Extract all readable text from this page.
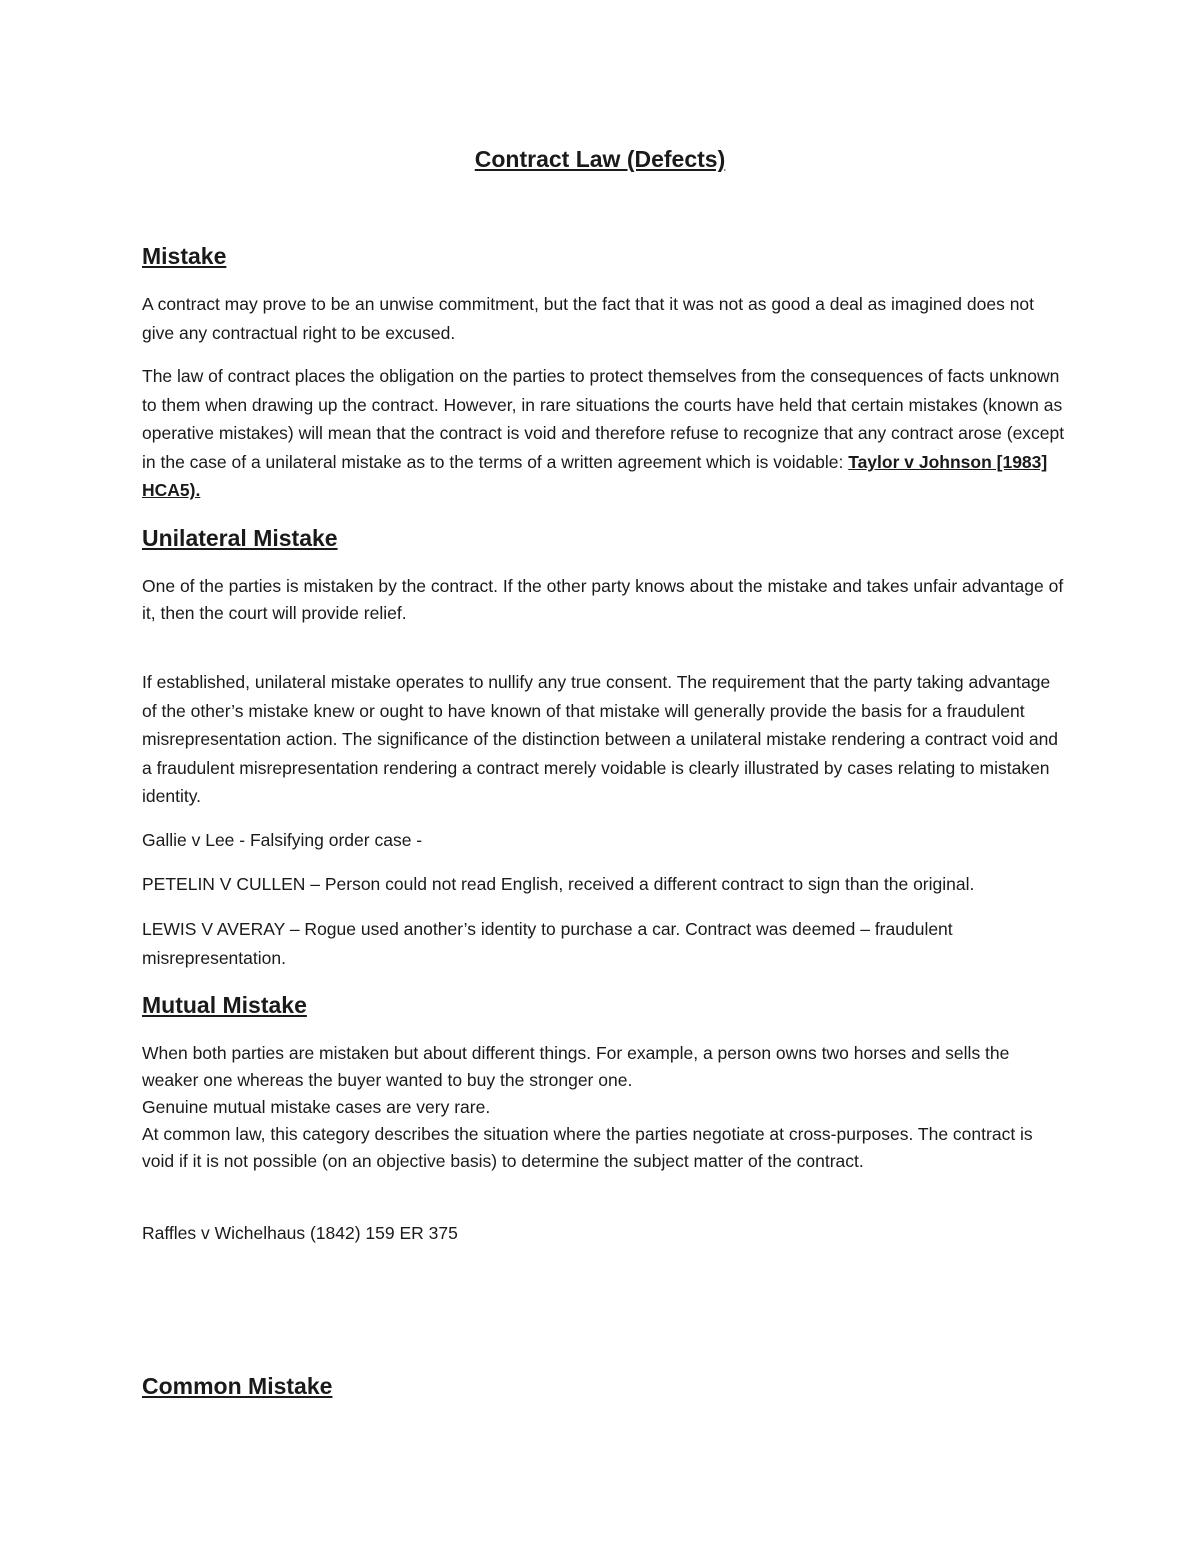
Contract Law (Defects)
Mistake

A contract may prove to be an unwise commitment, but the fact that it was not as good a deal as imagined does not give any contractual right to be excused.

The law of contract places the obligation on the parties to protect themselves from the consequences of facts unknown to them when drawing up the contract. However, in rare situations the courts have held that certain mistakes (known as operative mistakes) will mean that the contract is void and therefore refuse to recognize that any contract arose (except in the case of a unilateral mistake as to the terms of a written agreement which is voidable: Taylor v Johnson [1983] HCA5).

Unilateral Mistake

One of the parties is mistaken by the contract. If the other party knows about the mistake and takes unfair advantage of it, then the court will provide relief.

If established, unilateral mistake operates to nullify any true consent. The requirement that the party taking advantage of the other’s mistake knew or ought to have known of that mistake will generally provide the basis for a fraudulent misrepresentation action. The significance of the distinction between a unilateral mistake rendering a contract void and a fraudulent misrepresentation rendering a contract merely voidable is clearly illustrated by cases relating to mistaken identity.

Gallie v Lee - Falsifying order case -

PETELIN V CULLEN – Person could not read English, received a different contract to sign than the original.

LEWIS V AVERAY – Rogue used another’s identity to purchase a car. Contract was deemed – fraudulent misrepresentation.

Mutual Mistake

When both parties are mistaken but about different things. For example, a person owns two horses and sells the weaker one whereas the buyer wanted to buy the stronger one.

Genuine mutual mistake cases are very rare.

At common law, this category describes the situation where the parties negotiate at cross-purposes. The contract is void if it is not possible (on an objective basis) to determine the subject matter of the contract.

Raffles v Wichelhaus (1842) 159 ER 375

Common Mistake
